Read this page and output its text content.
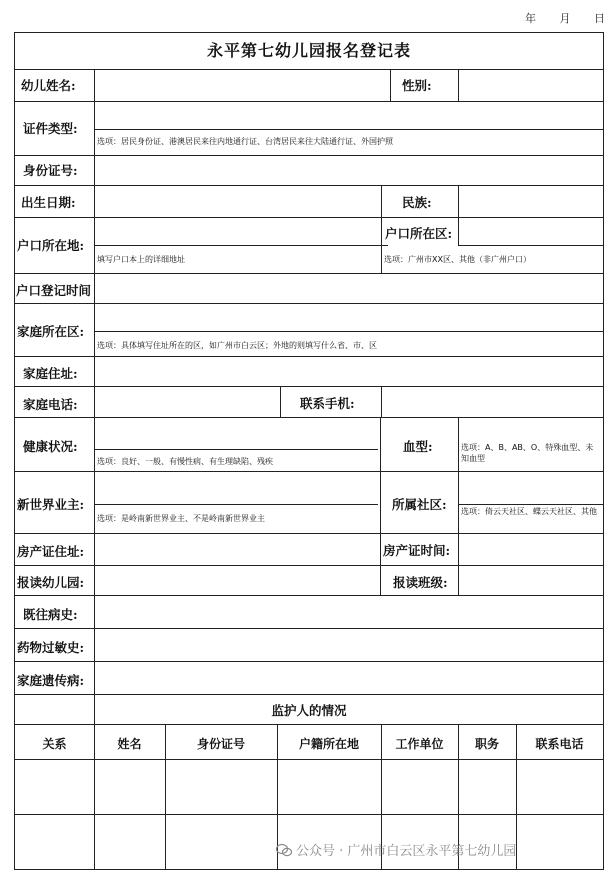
年 月 日
永平第七幼儿园报名登记表
幼儿姓名:	性别:
证件类型:
选项：居民身份证、港澳居民来往内地通行证、台湾居民来往大陆通行证、外国护照
身份证号:
出生日期:	民族:
户口所在地:
填写户口本上的详细地址
户口所在区:
选项：广州市XX区、其他（非广州户口）
户口登记时间
家庭所在区:
选项：具体填写住址所在的区，如广州市白云区；外地的则填写什么省、市、区
家庭住址:
家庭电话:	联系手机:
健康状况:
选项：良好、一般、有慢性病、有生理缺陷、残疾
血型:	选项：A、B、AB、O、特殊血型、未知血型
新世界业主:
选项：是岭南新世界业主、不是岭南新世界业主
所属社区: 选项：倚云天社区、蝶云天社区、其他
房产证住址:	房产证时间:
报读幼儿园:	报读班级:
既往病史:
药物过敏史:
家庭遗传病:
监护人的情况
关系	姓名	身份证号	户籍所在地	工作单位	职务	联系电话
公众号 · 广州市白云区永平第七幼儿园
